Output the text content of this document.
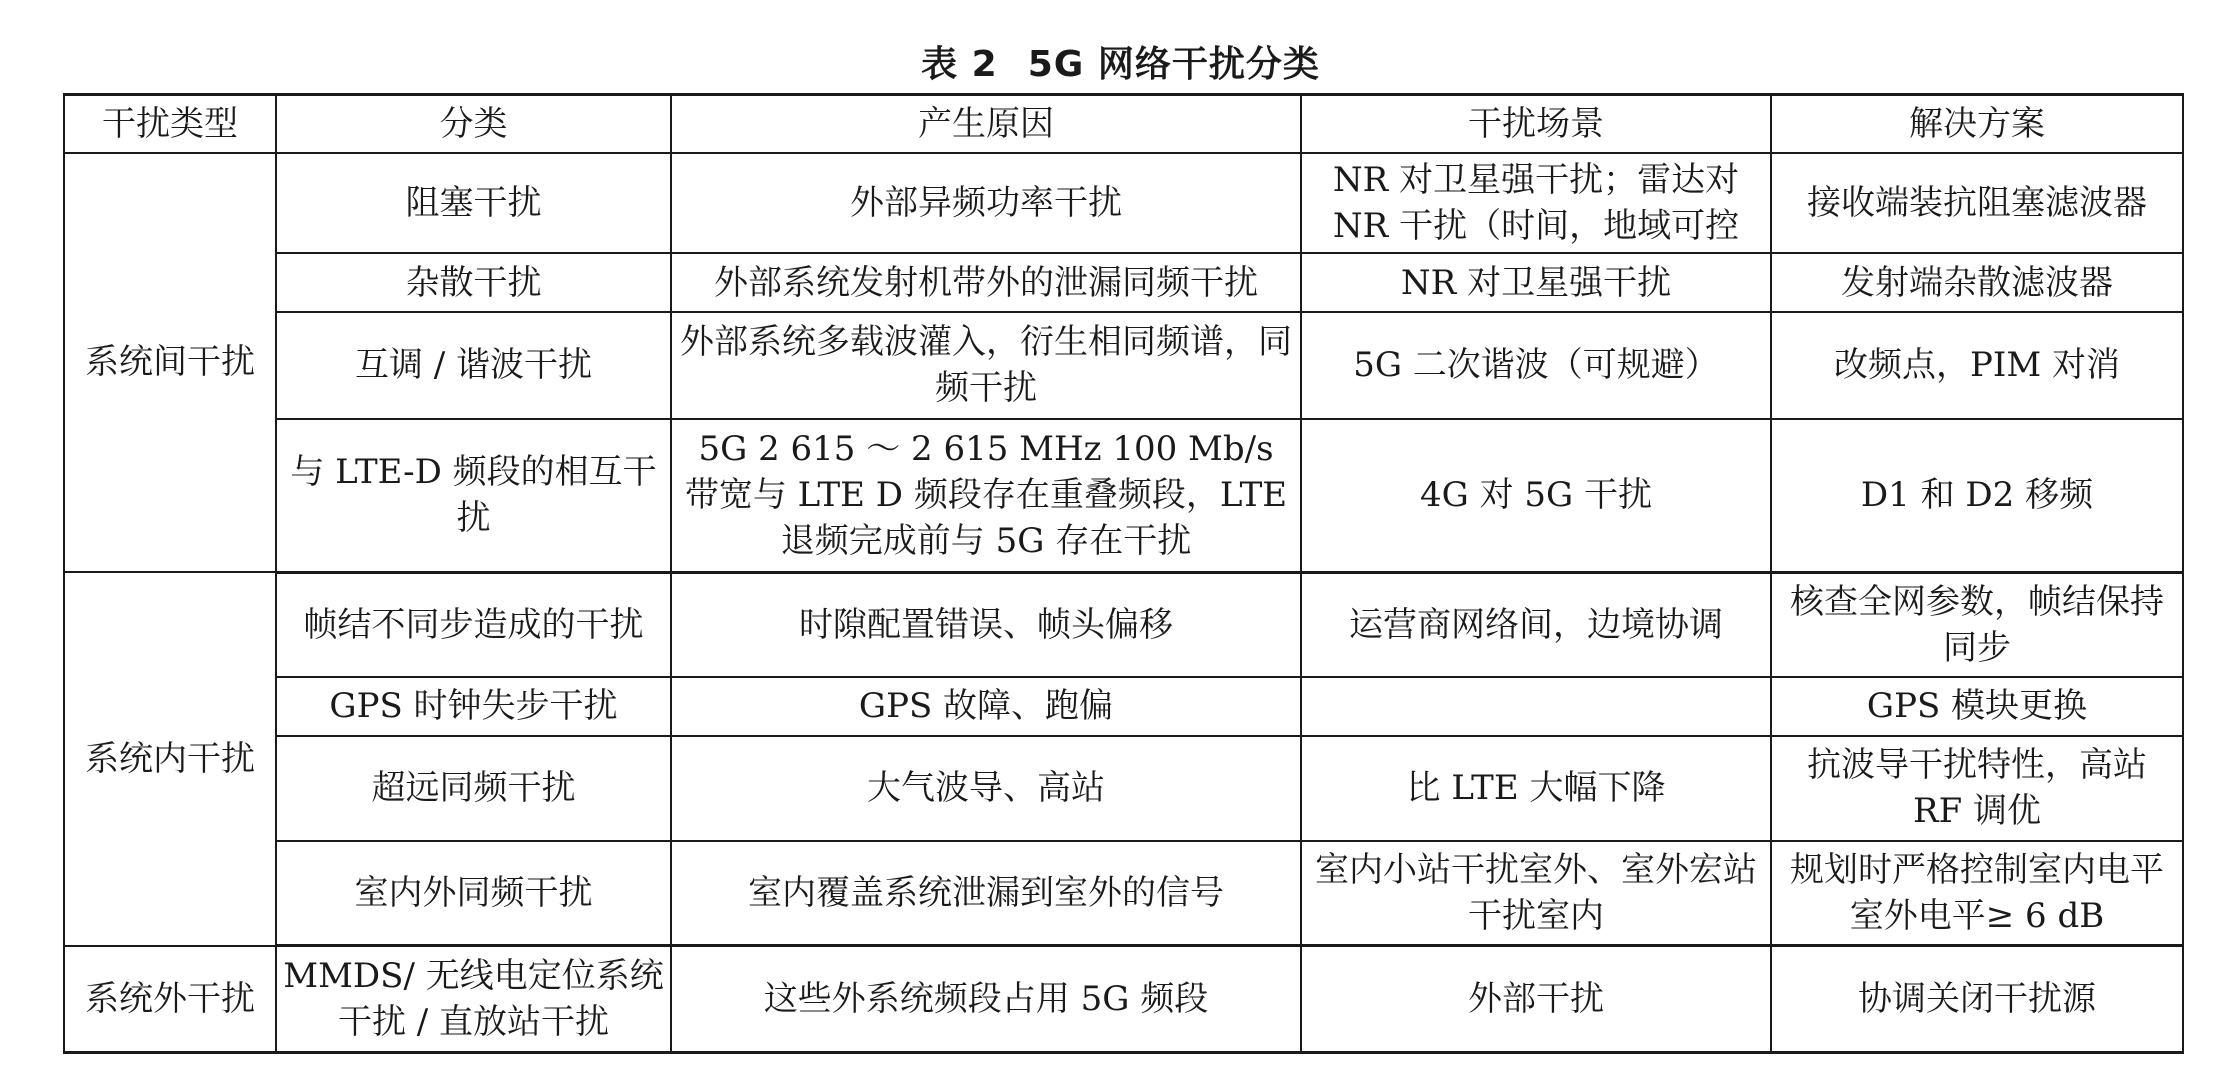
表 2 5G 网络干扰分类
干扰类型	分类	产生原因	干扰场景	解决方案
系统间干扰	阻塞干扰	外部异频功率干扰	NR 对卫星强干扰；雷达对 NR 干扰（时间，地域可控	接收端装抗阻塞滤波器
	杂散干扰	外部系统发射机带外的泄漏同频干扰	NR 对卫星强干扰	发射端杂散滤波器
	互调 / 谐波干扰	外部系统多载波灌入，衍生相同频谱，同频干扰	5G 二次谐波（可规避）	改频点，PIM 对消
	与 LTE-D 频段的相互干扰	5G 2 615 ～ 2 615 MHz 100 Mb/s 带宽与 LTE D 频段存在重叠频段，LTE 退频完成前与 5G 存在干扰	4G 对 5G 干扰	D1 和 D2 移频
系统内干扰	帧结不同步造成的干扰	时隙配置错误、帧头偏移	运营商网络间，边境协调	核查全网参数，帧结保持同步
	GPS 时钟失步干扰	GPS 故障、跑偏		GPS 模块更换
	超远同频干扰	大气波导、高站	比 LTE 大幅下降	抗波导干扰特性，高站 RF 调优
	室内外同频干扰	室内覆盖系统泄漏到室外的信号	室内小站干扰室外、室外宏站干扰室内	规划时严格控制室内电平室外电平≥ 6 dB
系统外干扰	MMDS/ 无线电定位系统干扰 / 直放站干扰	这些外系统频段占用 5G 频段	外部干扰	协调关闭干扰源
